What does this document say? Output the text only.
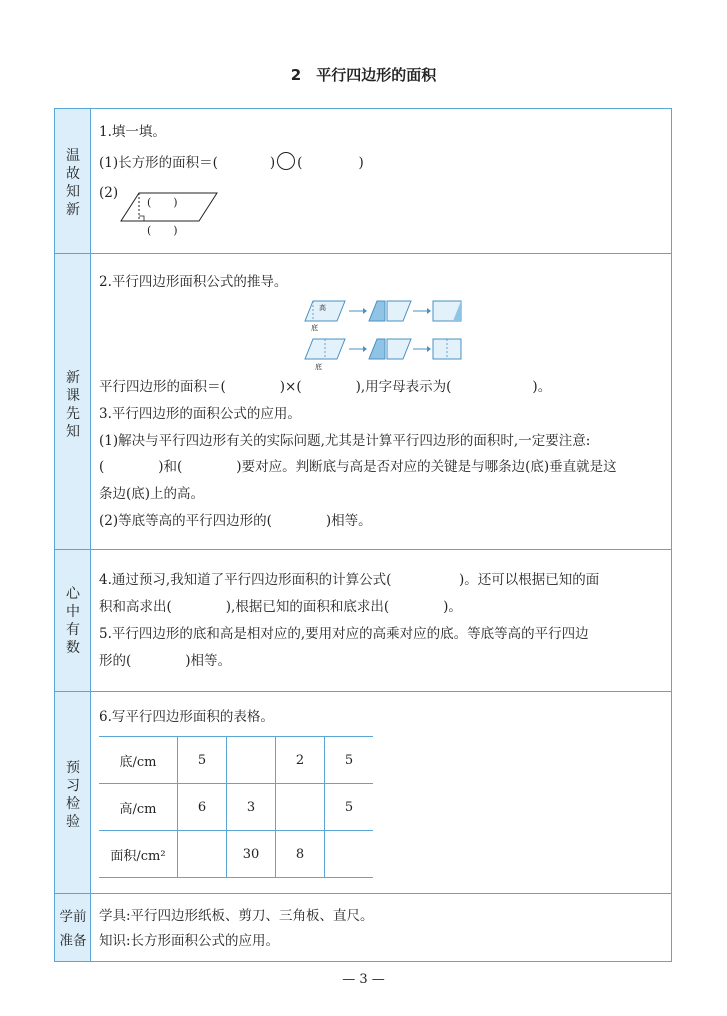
2　平行四边形的面积
温
故
知
新
新
课
先
知
心
中
有
数
预
习
检
验
学前
准备
1.填一填。
(1)长方形的面积＝(	) (	)
(2)
(　　)
(　　)
2.平行四边形面积公式的推导。
高
底
底
平行四边形的面积＝(　　　　)×(　　　　),用字母表示为(　　　　　　)。
3.平行四边形的面积公式的应用。
(1)解决与平行四边形有关的实际问题,尤其是计算平行四边形的面积时,一定要注意:
(　　　　)和(　　　　)要对应。判断底与高是否对应的关键是与哪条边(底)垂直就是这
条边(底)上的高。
(2)等底等高的平行四边形的(　　　　)相等。
4.通过预习,我知道了平行四边形面积的计算公式(　　　　　)。还可以根据已知的面
积和高求出(　　　　),根据已知的面积和底求出(　　　　)。
5.平行四边形的底和高是相对应的,要用对应的高乘对应的底。等底等高的平行四边
形的(　　　　)相等。
6.写平行四边形面积的表格。
底/cm	5		2	5
高/cm	6	3		5
面积/cm²		30	8	
学具:平行四边形纸板、剪刀、三角板、直尺。
知识:长方形面积公式的应用。
— 3 —
